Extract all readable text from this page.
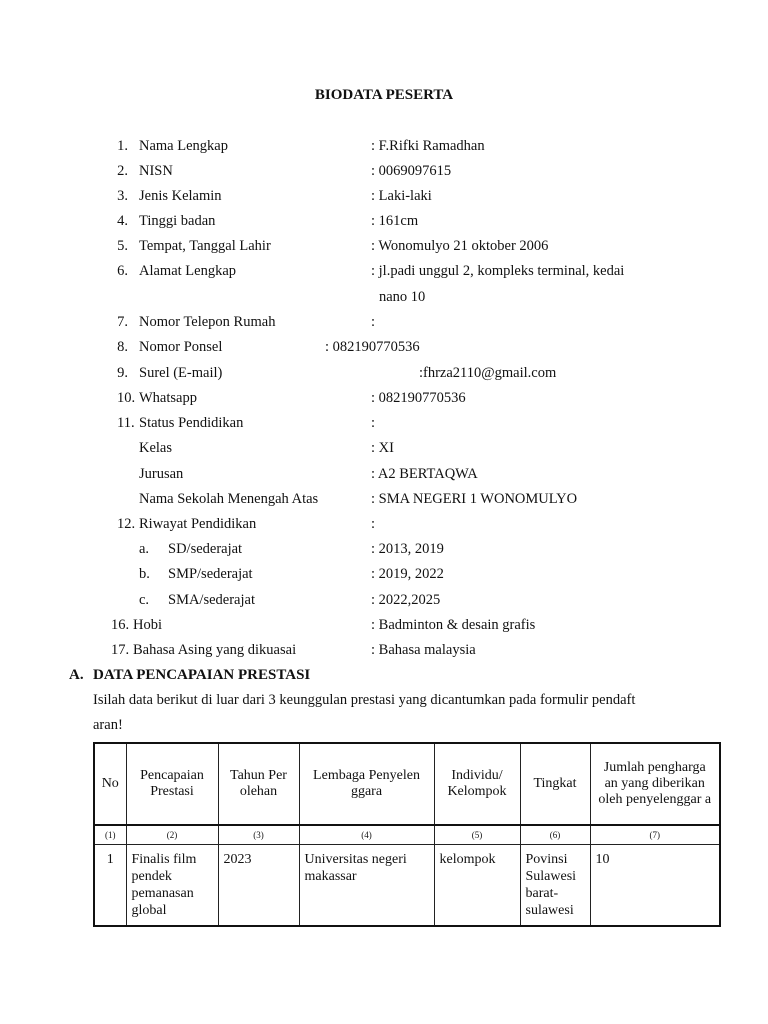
BIODATA PESERTA
1. Nama Lengkap	: F.Rifki Ramadhan
2. NISN	: 0069097615
3. Jenis Kelamin	: Laki-laki
4. Tinggi badan	: 161cm
5. Tempat, Tanggal Lahir	: Wonomulyo 21 oktober 2006
6. Alamat Lengkap	: jl.padi unggul 2, kompleks terminal, kedai
nano 10
7. Nomor Telepon Rumah	:
8. Nomor Ponsel	: 082190770536
9. Surel (E-mail)	:fhrza2110@gmail.com
10. Whatsapp	: 082190770536
11. Status Pendidikan	:
Kelas	: XI
Jurusan	: A2 BERTAQWA
Nama Sekolah Menengah Atas	: SMA NEGERI 1 WONOMULYO
12. Riwayat Pendidikan	:
a. SD/sederajat	: 2013, 2019
b. SMP/sederajat	: 2019, 2022
c. SMA/sederajat	: 2022,2025
16. Hobi	: Badminton & desain grafis
17. Bahasa Asing yang dikuasai	: Bahasa malaysia
A. DATA PENCAPAIAN PRESTASI
Isilah data berikut di luar dari 3 keunggulan prestasi yang dicantumkan pada formulir pendaft
aran!
No	Pencapaian Prestasi	Tahun Per olehan	Lembaga Penyelen ggara	Individu/ Kelompok	Tingkat	Jumlah pengharga an yang diberikan oleh penyelenggar a
(1)	(2)	(3)	(4)	(5)	(6)	(7)
1	Finalis film pendek pemanasan global	2023	Universitas negeri makassar	kelompok	Povinsi Sulawesi barat-sulawesi	10
